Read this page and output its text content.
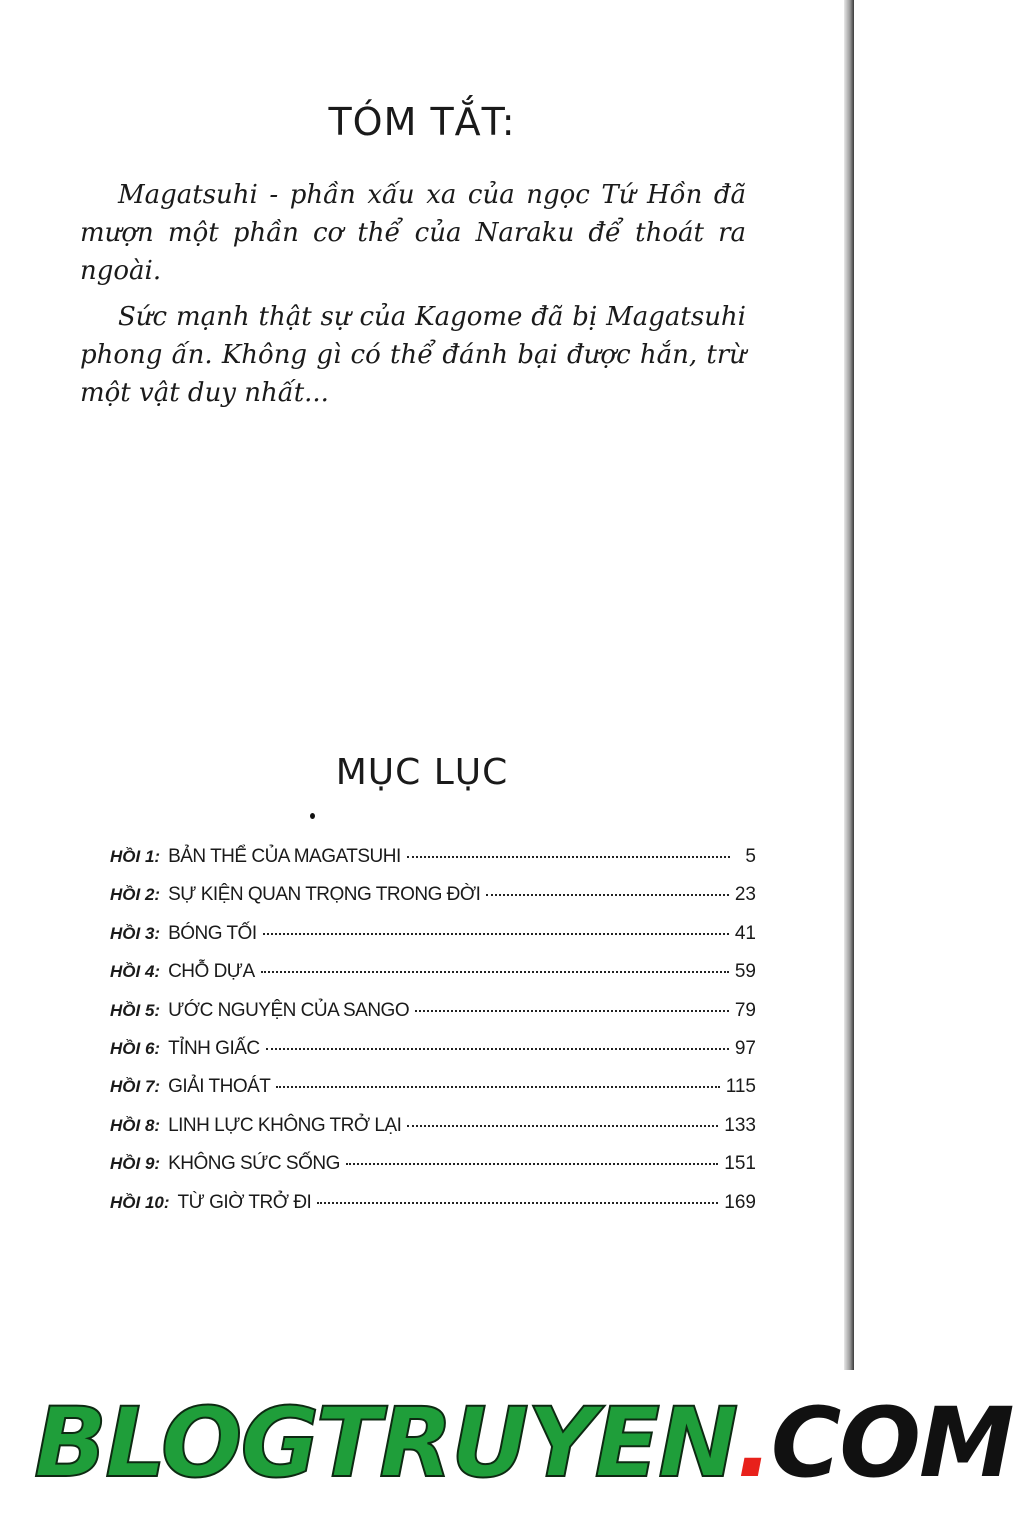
TÓM TẮT:

Magatsuhi - phần xấu xa của ngọc Tứ Hồn đã mượn một phần cơ thể của Naraku để thoát ra ngoài.

Sức mạnh thật sự của Kagome đã bị Magatsuhi phong ấn. Không gì có thể đánh bại được hắn, trừ một vật duy nhất...

MỤC LỤC
HỒI 1: BẢN THỂ CỦA MAGATSUHI	5
HỒI 2: SỰ KIỆN QUAN TRỌNG TRONG ĐỜI	23
HỒI 3: BÓNG TỐI	41
HỒI 4: CHỖ DỰA	59
HỒI 5: ƯỚC NGUYỆN CỦA SANGO	79
HỒI 6: TỈNH GIẤC	97
HỒI 7: GIẢI THOÁT	115
HỒI 8: LINH LỰC KHÔNG TRỞ LẠI	133
HỒI 9: KHÔNG SỨC SỐNG	151
HỒI 10: TỪ GIỜ TRỞ ĐI	169
BLOGTRUYEN.COM
